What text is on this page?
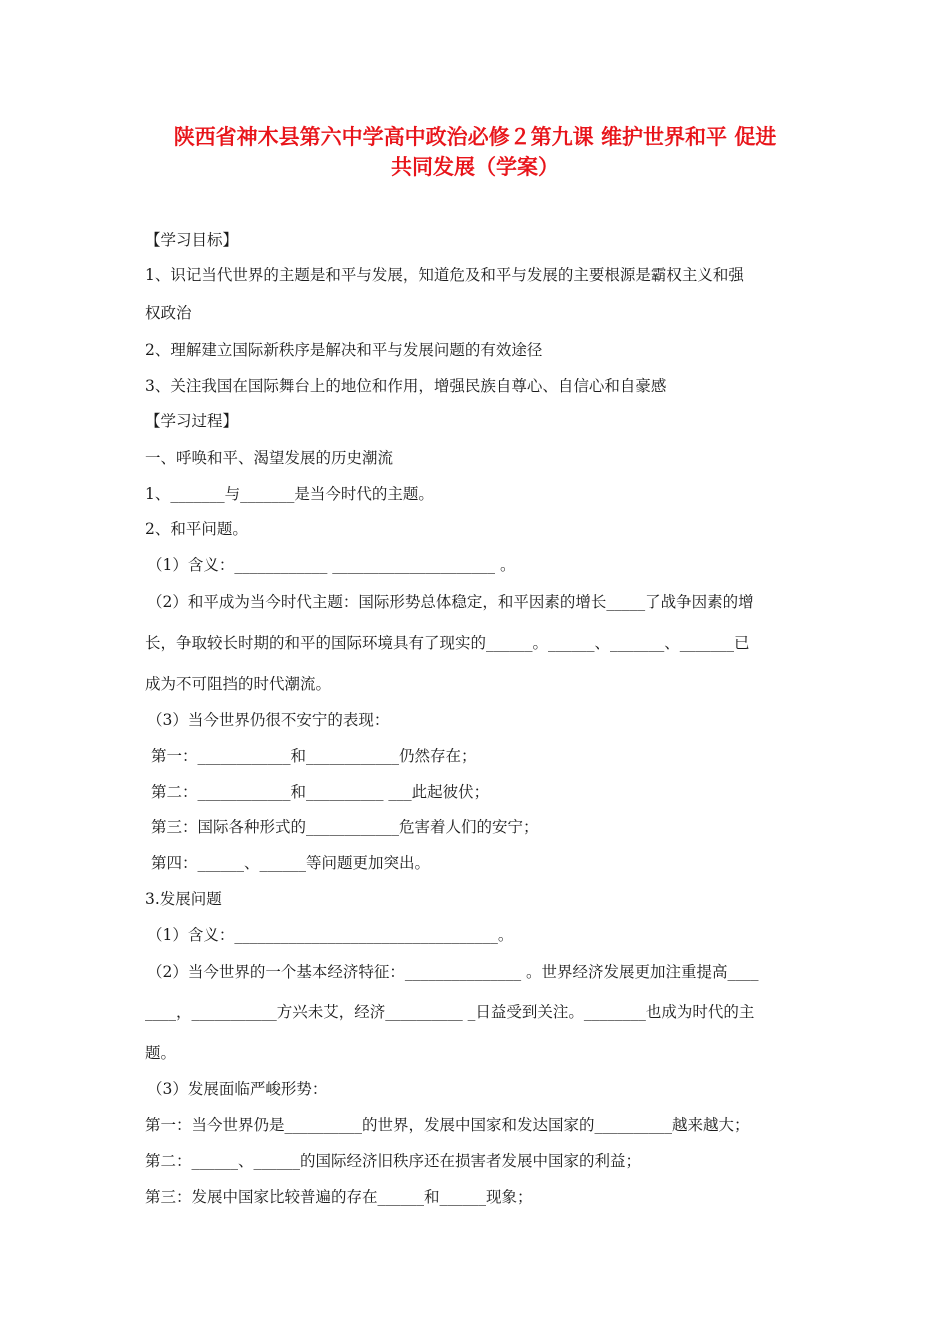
陕西省神木县第六中学高中政治必修２第九课 维护世界和平 促进
共同发展（学案）
【学习目标】
1、识记当代世界的主题是和平与发展，知道危及和平与发展的主要根源是霸权主义和强
权政治
2、理解建立国际新秩序是解决和平与发展问题的有效途径
3、关注我国在国际舞台上的地位和作用，增强民族自尊心、自信心和自豪感
【学习过程】
一、呼唤和平、渴望发展的历史潮流
1、_______与_______是当今时代的主题。
2、和平问题。
（1）含义：____________ _____________________ 。
（2）和平成为当今时代主题：国际形势总体稳定，和平因素的增长_____了战争因素的增
长，争取较长时期的和平的国际环境具有了现实的______。______、_______、_______已
成为不可阻挡的时代潮流。
（3）当今世界仍很不安宁的表现：
第一：____________和____________仍然存在；
第二：____________和__________ ___此起彼伏；
第三：国际各种形式的____________危害着人们的安宁；
第四：______、______等问题更加突出。
3.发展问题
（1）含义：__________________________________。
（2）当今世界的一个基本经济特征：_______________ 。世界经济发展更加注重提高____
____，___________方兴未艾，经济__________ _日益受到关注。________也成为时代的主
题。
（3）发展面临严峻形势：
第一：当今世界仍是__________的世界，发展中国家和发达国家的__________越来越大；
第二：______、______的国际经济旧秩序还在损害者发展中国家的利益；
第三：发展中国家比较普遍的存在______和______现象；
